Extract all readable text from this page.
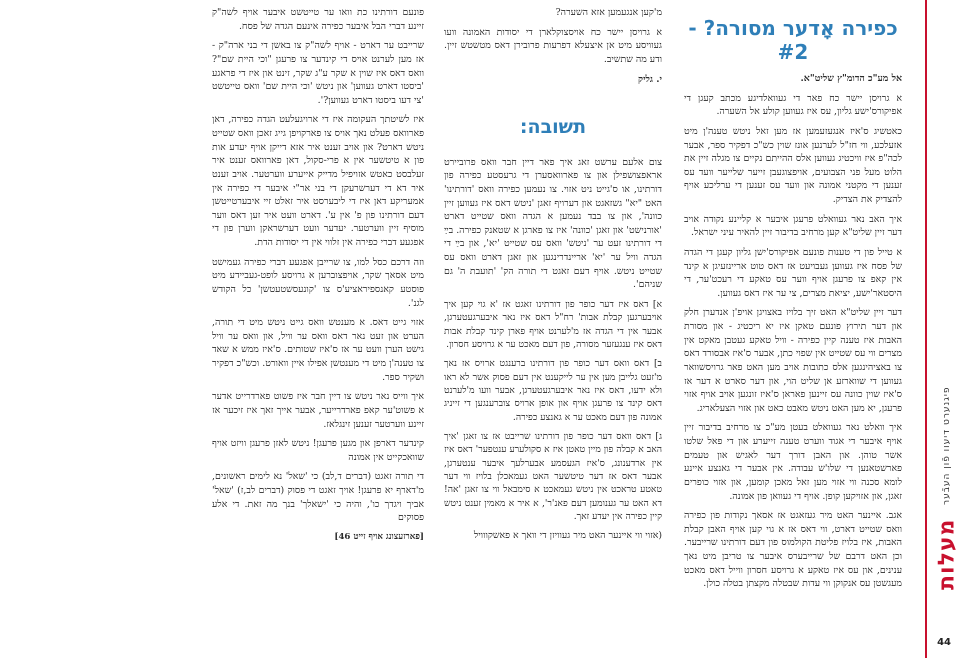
מעלות
פיגנערט דיעוו פֿון העבֿער
44
כפירה אָדער מסורה? - #2
אל מע"כ הדומ"ץ שליט"א.

א גרויסן יישר כח פאר די געוואלדיגע מכתב קעגן די אפיקורס'ישע גליון, עס איז געווען קולע אל השערה.

כאטשיג ס'איז אנגעזעמען אז מען זאל ניטש טענה'ן מיט אזעלכע, ווי חז"ל לערנען אונז שוין כש"כ דפקיר ספר, אבער לכה"פ איז וויכטיג געווען אלס ההייתם נקיים צו מגלה זיין את הלוט מעל פני הצבועים, אויפצוגעבן זייער שלייער וועד עס זענען די מקטני אמונה און וועד עס זענען די ערליכע אויף להצדיק את הצדיק.

איך האב נאר געוואלט פרעגן איבער א קליינע נקודה אויב דער זיין שליט"א קען מרחיב בדיבור זיין להאיר עיני ישראל.

א טייל פון די טענות פונעם אפיקורס'ישן גליון קעגן די הגדה של פסח איז געווען געבויעט אז דאס טוט אריינזעיגן א קינד אין קאפ צו פרעגן אויף ווער עס טאקע די רעכט'ער, די היסטאר'ישע, יציאת מצרים, צי ער איז דאס געווען.

דער זיין שליט"א האט זיך בלויז באצויגן אויפ'ן אנדערן חלק און דער תירוץ פונעם טאקן איז יא ריכטיג - און מסורת האבות איז טענה קיין כפירה - וויל טאקע געטבן מאקט אין מצרים ווי עס שטייט אין שפוי כתן, אבער ס'איז אבסורד דאס צו באציהינגען אלס כתובות אויב מען האט פאר גרויסשוואר געווען די שווארזע אן שליט הוי, און דער סארט א דער אז ס'איז שוין כוונה עס זיינען פאראן ס'איז זונגען אויב אויף אזוי פרעגן, יא מען האט ניטש מאבט כאט און אזוי הצעלאריג.

איך וואלט נאר געוואלט בעטן מע"כ צו מרחיב בדיבור זיין אויף איבער די אגוד ווערט טענה זייערע און די פאל שלטו אשר טוהן. און האבן דורך דער לאגיש און טעמים פארשטאנען די שלו'ש עבודה. אין אבער די גאנצע איינע לומא סכנה ווי אזוי מען זאל מאכן קומען, און אזוי כופרים זאגן, און אזויקען קופן. אויף די געוואן פון אמונה.

אגב. איינער האט מיר געזאגט אז אסאך נקודות פון כפירה וואס שטייט דארט, ווי דאס אז א גוי קען אויף האבן קבלת האבות, איז בלויז פליטת הקולמוס פון דעם דורתינו שרייבער. וכן האט דרבם של שרייבערס איבער צו טריבן מיט נאך ענינים, און עס איז טאקע א גרויסע חסרון ווייל דאס מאכט מעגשטן עס אנקוקן ווי עדות שבטלה מקצתן בטלה כולן.

מ'קען אנגעמען אזא השערה?

א גרויסן יישר כח אויסצוקלארן די יסודות האמונה וועו געוויסע מיט אן איצעלא דפרעות פרובירן דאס מטשטש זיין. ודע מה שתשיב.

י. גליק

תשובה:

צום אלעם ערשט זאג איך פאר דיין חבר וואס פרוביירט אראפצושפילן און צו פארוואסערן די גרעסטע כפירה פון דורתינו, או ס'גייט ניט אזוי. צו נעמען כפירה וואס 'דורתינו' האט "יא" גשזאגט און דערויף זאגן 'ניטש דאס איז געווען זיין כוונה', און צו בבד נעמען א הגדה וואס שטייט דארט 'אורנישט' און זאגן 'כוונה' איז צו פארגן א שטאנק כפירה. בײַ די דורתינו זעט ער 'ניטש' וואס עס שטייט 'יא', און בײַ די הגדה וויל ער 'יא' אריינדרינגען און זאגן דארט וואס עס שטייט ניטש. אויף דעם זאגט די תורה הק' 'תועבת ה' גם שניהם'.

א] דאס איז דער כופר פון דורתינו זאגט אז 'א גוי קען איך אויבערגען קבלת אבות' רח"ל דאס איז נאר איבערגעטערגן, אבער אין די הגדה אז מ'לערנט אויף פארן קינד קבלת אבות דאס איז ענגעזער מסורה, פון דעם מאכט ער א גרויסע חסרון.

ב] דאס וואס דער כופר פון דורתינו ברענגט ארויס אז נאך מ'זעט גלייבן מען אין ער לייקענט אין דעם פסוק אשר לא ראו ולא ידעו, דאס איז נאר איבערגעטערגן, אבער וועו מ'לערנט דאס קינד צו פרעגן אויף און אופן ארויס צוברענגען די זייניג אמונה פון דעם מאכט ער א גאנצע כפירה.

ג] דאס וואס דער כופר פון דורתינו שרייבט אז צו זאגן 'איך האב א קבלה פון מיין טאטן איז א סקולערע ענטפער' דאס איז אין ארדענונג, ס'איז הגעסמע אבערלעך איבער ענטערגן, אבער דאס אז דער טיטשער האט געמאכלן בלויז ווי דער טאטע טראכט אין ניטש געמאכט א סימבאל ווי צו זאגן 'אה! דא האט ער גענומען דעם פאנ'ר', א איר א מאמין זענט ניטש קיין כפירה אין יעדע זאך.

(אזוי ווי איינער האט מיר געוויזן די וואך א פאשקווויל

פונעם דורתינו כת וואו ער טייטשט איבער אויף לשה"ק זיינע דברי הבל איבער כפירה אינעם הגדה של פסח.

שרייבט ער דארט - אויף לשה"ק צו באשן די בני ארה"ק - אז מען לערנט אויס די קינדער צו פרעגן "וכי היית שם"? וואס דאס איז שוין א שקר ע"ג שקר, זינט און איז די פראגע 'ביסטו דארט געווען' און ניטש 'וכי היית שם' וואס טייטשט 'צי דעו ביסטו דארט געווען?'.

איז לשיטתך העקומה איז די ארויגעלעט הגדה כפירה, דאן פארוואס פעלט נאך אויס צו פארקויפן גייג זאכן וואס שטייט ניטש דארט? און אויב זענט איר אזא דייקן אויף יעדע אות פון א טיטשער אין א פרי-סקול, דאן פארוואס זענט איר זעלבסט כאטש אזויפיל מדייק אייערע ווערטער. אויב זענט איר דא די דערשרעקן די בני אר"י איבער די כפירה אין אמעריקע דאן איז די ליבערסט איר זאלט זיי איבערטייטשן דעם דורתינו פון פ' אין ע'. דארט וועט איר זען דאס ווער מוסיף זיין ווערטער. יעדער וועט דערשראקן ווערן פון די אפגעע דברי כפירה אין זלווי אין די יסודות הדת.

וזה דרכם כסל למו, צו שרייבן אפגעע דברי כפירה געמישט מיט אסאך שקר, אויפצוברען א גרויסע לופט-געביידע מיט פוסטע קאנספיראציע'ס צו 'קונעסשטעטשן' כל הקודש לגנ'.

אזוי גייט דאס. א מענטש וואס גייט ניטש מיט די תורה, הערט און זעט נאר דאס וואס ער וויל, און וואס ער וויל גישט הערן וועט ער אז ס'איז שטותים. ס'איז ממש א שאד צו טענה'ן מיט די מענטשן אפילו איין וואורט. וכש"כ דפקיר ושקיר ספר.

איך ווייס נאר ניטש צו דיין חבר איז פשוט פארדרייט אדער א פשוט'ער קאפ פארדרייער, אבער אייך זאך איז זיכער אז זיינע ווערטער זענען זינגלאז.

קינדער דארפן און מגען פרעגן! ניטש לאזן פרעגן וויזט אויף שוואכקייט אין אמונה

די תורה זאגט (דברים ד,לב) כי 'שאל' נא לימים ראשונים, מ'דארף יא פרעגן! אויך זאגט די פסוק (דברים לב,ז) 'שאל' אביך ויגדך כו', והיה כי 'ישאלך' בנך מה זאת. די אלע פסוקים

[פארזעצונג אויף זייט 46]
